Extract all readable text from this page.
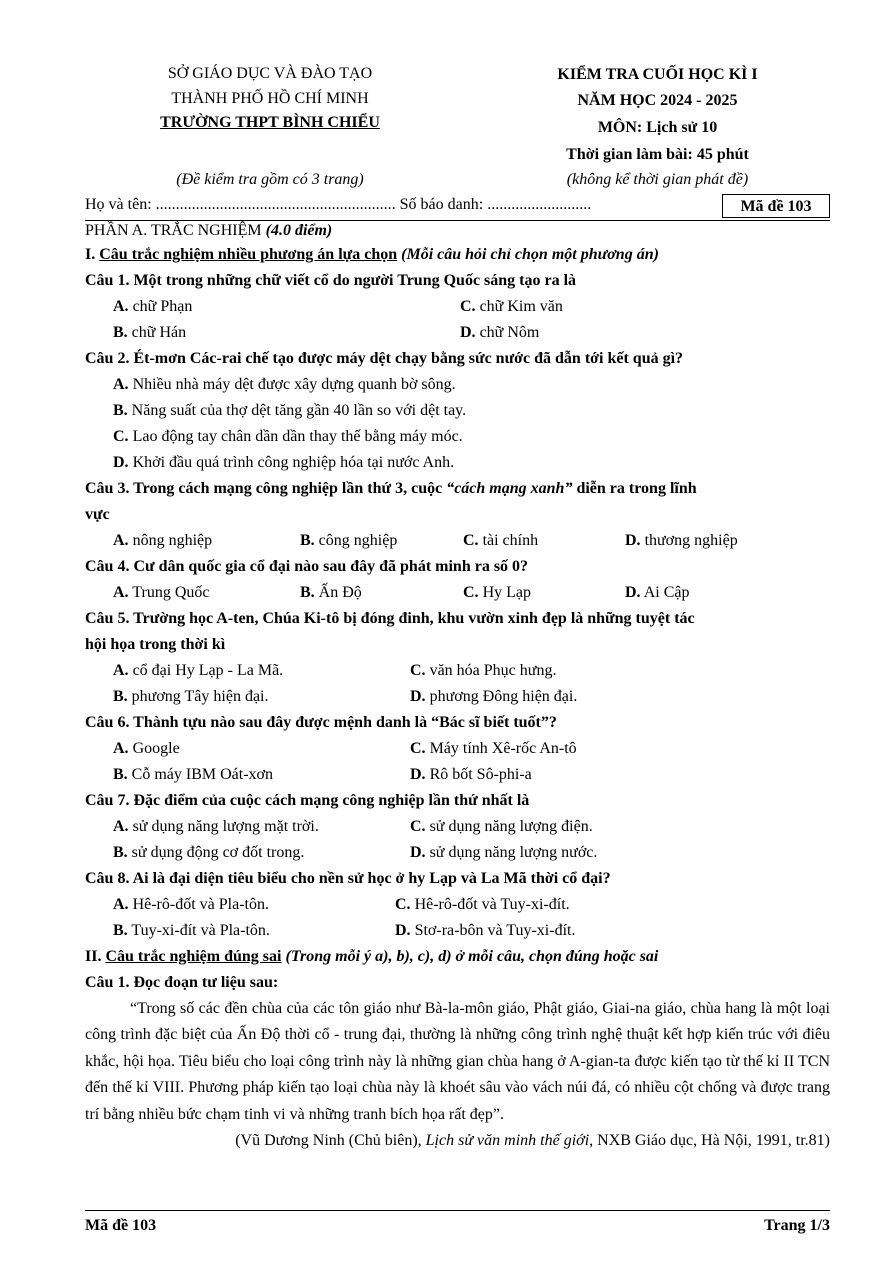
SỞ GIÁO DỤC VÀ ĐÀO TẠO
THÀNH PHỐ HỒ CHÍ MINH
TRƯỜNG THPT BÌNH CHIỂU
(Đề kiểm tra gồm có 3 trang)
KIỂM TRA CUỐI HỌC KÌ I
NĂM HỌC 2024 - 2025
MÔN: Lịch sử 10
Thời gian làm bài: 45 phút
(không kể thời gian phát đề)
Họ và tên: ............................................................ Số báo danh: ..........................	Mã đề 103
PHẦN A. TRẮC NGHIỆM (4.0 điểm)
I. Câu trắc nghiệm nhiều phương án lựa chọn (Mỗi câu hỏi chỉ chọn một phương án)
Câu 1. Một trong những chữ viết cổ do người Trung Quốc sáng tạo ra là
A. chữ Phạn	C. chữ Kim văn
B. chữ Hán	D. chữ Nôm
Câu 2. Ét-mơn Các-rai chế tạo được máy dệt chạy bằng sức nước đã dẫn tới kết quả gì?
A. Nhiều nhà máy dệt được xây dựng quanh bờ sông.
B. Năng suất của thợ dệt tăng gần 40 lần so với dệt tay.
C. Lao động tay chân dần dần thay thế bằng máy móc.
D. Khởi đầu quá trình công nghiệp hóa tại nước Anh.
Câu 3. Trong cách mạng công nghiệp lần thứ 3, cuộc “cách mạng xanh” diễn ra trong lĩnh
vực
A. nông nghiệp	B. công nghiệp	C. tài chính	D. thương nghiệp
Câu 4. Cư dân quốc gia cổ đại nào sau đây đã phát minh ra số 0?
A. Trung Quốc	B. Ấn Độ	C. Hy Lạp	D. Ai Cập
Câu 5. Trường học A-ten, Chúa Ki-tô bị đóng đinh, khu vườn xinh đẹp là những tuyệt tác
hội họa trong thời kì
A. cổ đại Hy Lạp - La Mã.	C. văn hóa Phục hưng.
B. phương Tây hiện đại.	D. phương Đông hiện đại.
Câu 6. Thành tựu nào sau đây được mệnh danh là “Bác sĩ biết tuốt”?
A. Google	C. Máy tính Xê-rốc An-tô
B. Cỗ máy IBM Oát-xơn	D. Rô bốt Sô-phi-a
Câu 7. Đặc điểm của cuộc cách mạng công nghiệp lần thứ nhất là
A. sử dụng năng lượng mặt trời.	C. sử dụng năng lượng điện.
B. sử dụng động cơ đốt trong.	D. sử dụng năng lượng nước.
Câu 8. Ai là đại diện tiêu biểu cho nền sử học ở hy Lạp và La Mã thời cổ đại?
A. Hê-rô-đốt và Pla-tôn.	C. Hê-rô-đốt và Tuy-xi-đít.
B. Tuy-xi-đít và Pla-tôn.	D. Stơ-ra-bôn và Tuy-xi-đít.
II. Câu trắc nghiệm đúng sai (Trong mỗi ý a), b), c), d) ở mỗi câu, chọn đúng hoặc sai
Câu 1. Đọc đoạn tư liệu sau:
“Trong số các đền chùa của các tôn giáo như Bà-la-môn giáo, Phật giáo, Giai-na giáo, chùa hang là một loại công trình đặc biệt của Ấn Độ thời cổ - trung đại, thường là những công trình nghệ thuật kết hợp kiến trúc với điêu khắc, hội họa. Tiêu biểu cho loại công trình này là những gian chùa hang ở A-gian-ta được kiến tạo từ thế kỉ II TCN đến thế kỉ VIII. Phương pháp kiến tạo loại chùa này là khoét sâu vào vách núi đá, có nhiều cột chống và được trang trí bằng nhiều bức chạm tinh vi và những tranh bích họa rất đẹp”.
(Vũ Dương Ninh (Chủ biên), Lịch sử văn minh thế giới, NXB Giáo dục, Hà Nội, 1991, tr.81)
Mã đề 103	Trang 1/3
